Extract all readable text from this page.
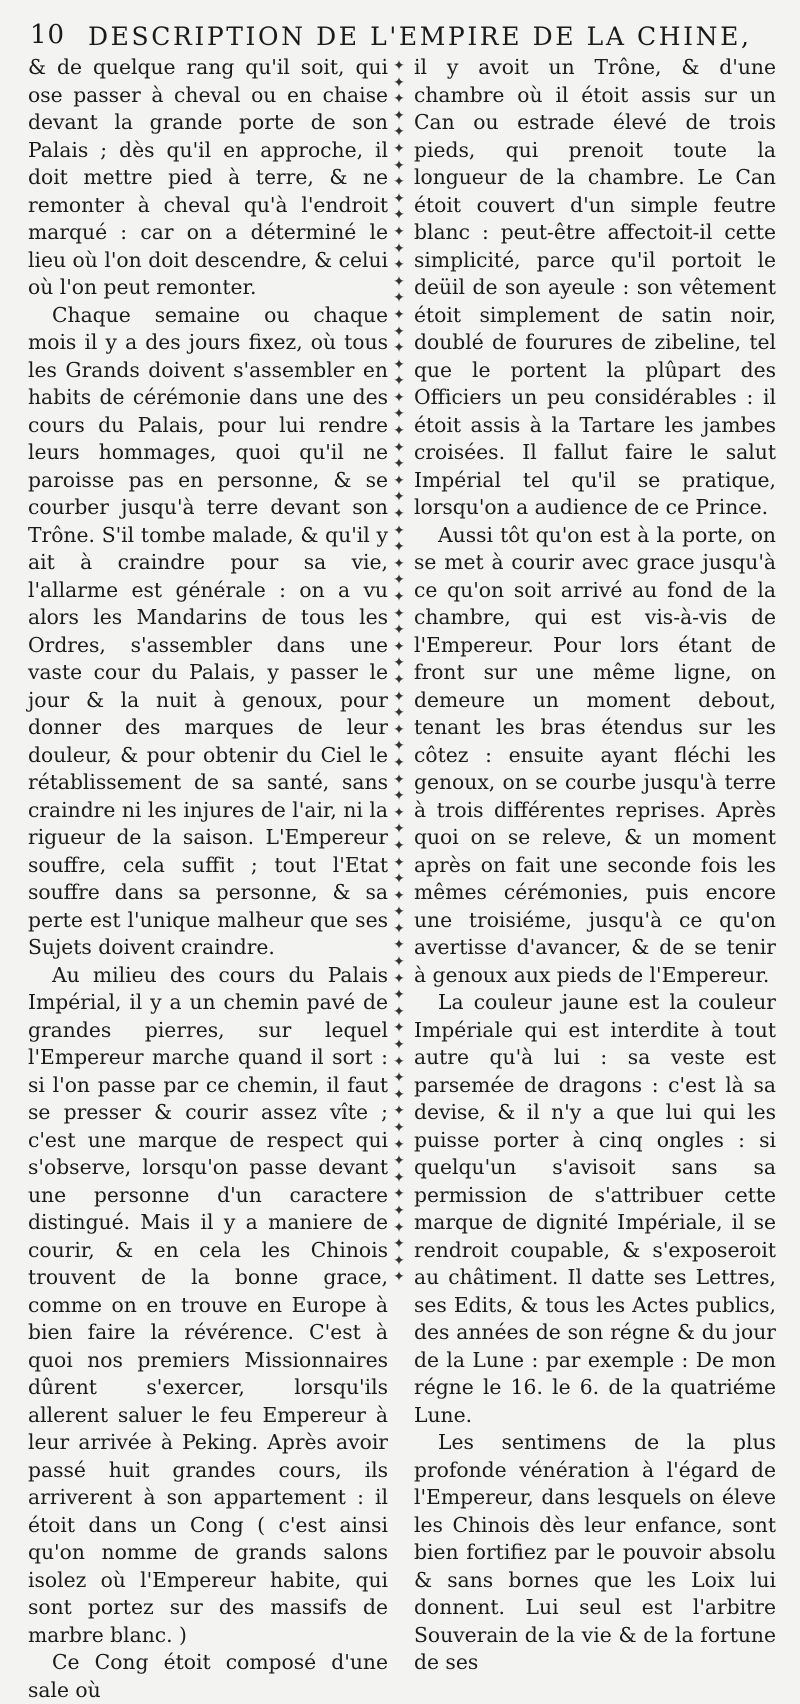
10 DESCRIPTION DE L'EMPIRE DE LA CHINE,

& de quelque rang qu'il soit, qui ose passer à cheval ou en chaise devant la grande porte de son Palais ; dès qu'il en approche, il doit mettre pied à terre, & ne remonter à cheval qu'à l'endroit marqué : car on a déterminé le lieu où l'on doit descendre, & celui où l'on peut remonter.

Chaque semaine ou chaque mois il y a des jours fixez, où tous les Grands doivent s'assembler en habits de cérémonie dans une des cours du Palais, pour lui rendre leurs hommages, quoi qu'il ne paroisse pas en personne, & se courber jusqu'à terre devant son Trône. S'il tombe malade, & qu'il y ait à craindre pour sa vie, l'allarme est générale : on a vu alors les Mandarins de tous les Ordres, s'assembler dans une vaste cour du Palais, y passer le jour & la nuit à genoux, pour donner des marques de leur douleur, & pour obtenir du Ciel le rétablissement de sa santé, sans craindre ni les injures de l'air, ni la rigueur de la saison. L'Empereur souffre, cela suffit ; tout l'Etat souffre dans sa personne, & sa perte est l'unique malheur que ses Sujets doivent craindre.

Au milieu des cours du Palais Impérial, il y a un chemin pavé de grandes pierres, sur lequel l'Empereur marche quand il sort : si l'on passe par ce chemin, il faut se presser & courir assez vîte ; c'est une marque de respect qui s'observe, lorsqu'on passe devant une personne d'un caractere distingué. Mais il y a maniere de courir, & en cela les Chinois trouvent de la bonne grace, comme on en trouve en Europe à bien faire la révérence. C'est à quoi nos premiers Missionnaires dûrent s'exercer, lorsqu'ils allerent saluer le feu Empereur à leur arrivée à Peking. Après avoir passé huit grandes cours, ils arriverent à son appartement : il étoit dans un Cong ( c'est ainsi qu'on nomme de grands salons isolez où l'Empereur habite, qui sont portez sur des massifs de marbre blanc. )

Ce Cong étoit composé d'une sale où

✦
✦
✦
✦
✦
✦
✦
✦
✦
✦
✦
✦
✦
✦
✦
✦
✦
✦
✦
✦
✦
✦
✦
✦
✦
✦
✦
✦
✦
✦
✦
✦
✦
✦
✦
✦
✦
✦
✦
✦
✦
✦
✦
✦
✦
✦
✦
✦
✦
✦
✦
✦
✦
✦
✦
✦
✦
✦
✦
✦
✦
✦
✦
✦
✦
✦
✦
✦
✦
✦
✦
✦
✦
✦

il y avoit un Trône, & d'une chambre où il étoit assis sur un Can ou estrade élevé de trois pieds, qui prenoit toute la longueur de la chambre. Le Can étoit couvert d'un simple feutre blanc : peut-être affectoit-il cette simplicité, parce qu'il portoit le deüil de son ayeule : son vêtement étoit simplement de satin noir, doublé de fourures de zibeline, tel que le portent la plûpart des Officiers un peu considérables : il étoit assis à la Tartare les jambes croisées. Il fallut faire le salut Impérial tel qu'il se pratique, lorsqu'on a audience de ce Prince.

Aussi tôt qu'on est à la porte, on se met à courir avec grace jusqu'à ce qu'on soit arrivé au fond de la chambre, qui est vis-à-vis de l'Empereur. Pour lors étant de front sur une même ligne, on demeure un moment debout, tenant les bras étendus sur les côtez : ensuite ayant fléchi les genoux, on se courbe jusqu'à terre à trois différentes reprises. Après quoi on se releve, & un moment après on fait une seconde fois les mêmes cérémonies, puis encore une troisiéme, jusqu'à ce qu'on avertisse d'avancer, & de se tenir à genoux aux pieds de l'Empereur.

La couleur jaune est la couleur Impériale qui est interdite à tout autre qu'à lui : sa veste est parsemée de dragons : c'est là sa devise, & il n'y a que lui qui les puisse porter à cinq ongles : si quelqu'un s'avisoit sans sa permission de s'attribuer cette marque de dignité Impériale, il se rendroit coupable, & s'exposeroit au châtiment. Il datte ses Lettres, ses Edits, & tous les Actes publics, des années de son régne & du jour de la Lune : par exemple : De mon régne le 16. le 6. de la quatriéme Lune.

Les sentimens de la plus profonde vénération à l'égard de l'Empereur, dans lesquels on éleve les Chinois dès leur enfance, sont bien fortifiez par le pouvoir absolu & sans bornes que les Loix lui donnent. Lui seul est l'arbitre Souverain de la vie & de la fortune de ses
